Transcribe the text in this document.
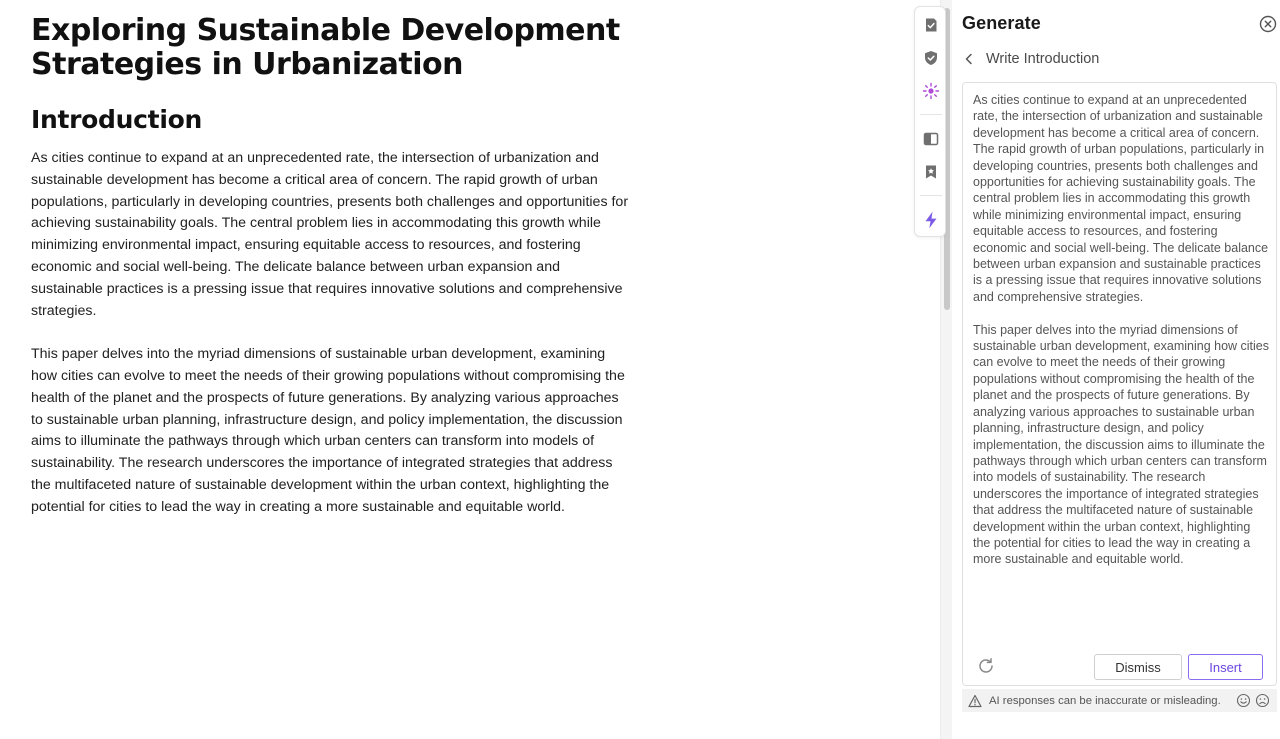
Exploring Sustainable Development Strategies in Urbanization
Introduction

As cities continue to expand at an unprecedented rate, the intersection of urbanization and sustainable development has become a critical area of concern. The rapid growth of urban populations, particularly in developing countries, presents both challenges and opportunities for achieving sustainability goals. The central problem lies in accommodating this growth while minimizing environmental impact, ensuring equitable access to resources, and fostering economic and social well-being. The delicate balance between urban expansion and sustainable practices is a pressing issue that requires innovative solutions and comprehensive strategies.

This paper delves into the myriad dimensions of sustainable urban development, examining how cities can evolve to meet the needs of their growing populations without compromising the health of the planet and the prospects of future generations. By analyzing various approaches to sustainable urban planning, infrastructure design, and policy implementation, the discussion aims to illuminate the pathways through which urban centers can transform into models of sustainability. The research underscores the importance of integrated strategies that address the multifaceted nature of sustainable development within the urban context, highlighting the potential for cities to lead the way in creating a more sustainable and equitable world.

Generate
Write Introduction

As cities continue to expand at an unprecedented rate, the intersection of urbanization and sustainable development has become a critical area of concern. The rapid growth of urban populations, particularly in developing countries, presents both challenges and opportunities for achieving sustainability goals. The central problem lies in accommodating this growth while minimizing environmental impact, ensuring equitable access to resources, and fostering economic and social well-being. The delicate balance between urban expansion and sustainable practices is a pressing issue that requires innovative solutions and comprehensive strategies.

This paper delves into the myriad dimensions of sustainable urban development, examining how cities can evolve to meet the needs of their growing populations without compromising the health of the planet and the prospects of future generations. By analyzing various approaches to sustainable urban planning, infrastructure design, and policy implementation, the discussion aims to illuminate the pathways through which urban centers can transform into models of sustainability. The research underscores the importance of integrated strategies that address the multifaceted nature of sustainable development within the urban context, highlighting the potential for cities to lead the way in creating a more sustainable and equitable world.

Dismiss	Insert
AI responses can be inaccurate or misleading.
